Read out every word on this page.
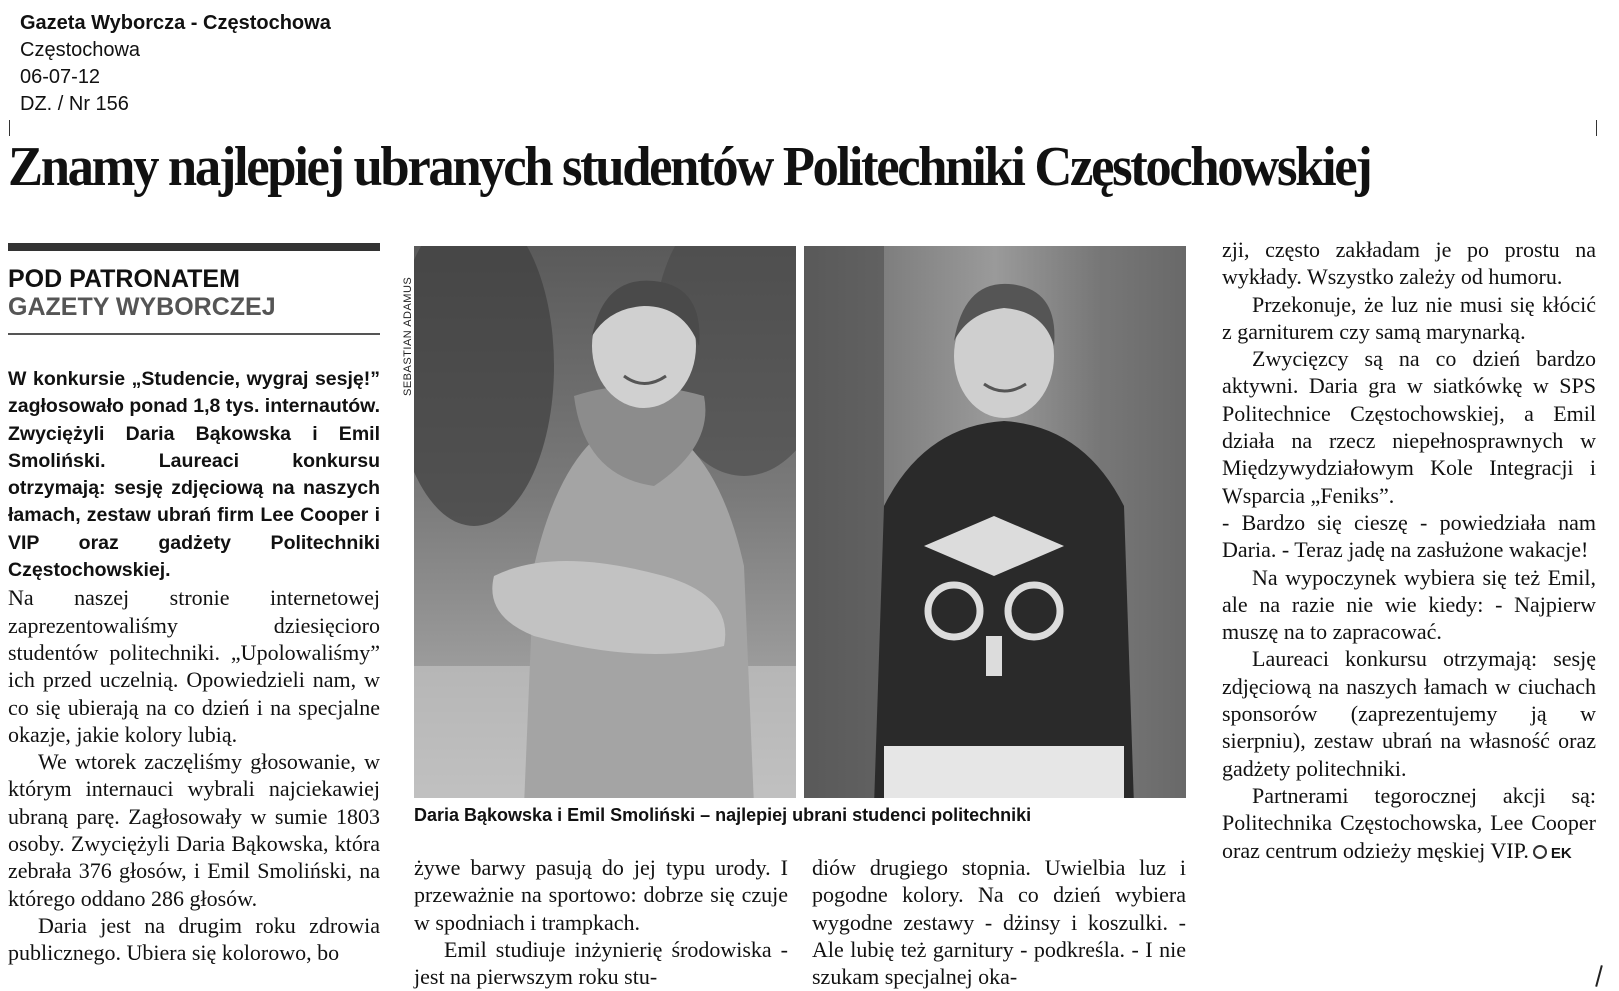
Gazeta Wyborcza - Częstochowa
Częstochowa
06-07-12
DZ. / Nr 156
Znamy najlepiej ubranych studentów Politechniki Częstochowskiej
POD PATRONATEM
GAZETY WYBORCZEJ

W konkursie „Studencie, wygraj sesję!” zagłosowało ponad 1,8 tys. internautów. Zwyciężyli Daria Bąkowska i Emil Smoliński. Laureaci konkursu otrzymają: sesję zdjęciową na naszych łamach, zestaw ubrań firm Lee Cooper i VIP oraz gadżety Politechniki Częstochowskiej.

Na naszej stronie internetowej zaprezentowaliśmy dziesięcioro studentów politechniki. „Upolowaliśmy” ich przed uczelnią. Opowiedzieli nam, w co się ubierają na co dzień i na specjalne okazje, jakie kolory lubią.

We wtorek zaczęliśmy głosowanie, w którym internauci wybrali najciekawiej ubraną parę. Zagłosowały w sumie 1803 osoby. Zwyciężyli Daria Bąkowska, która zebrała 376 głosów, i Emil Smoliński, na którego oddano 286 głosów.

Daria jest na drugim roku zdrowia publicznego. Ubiera się kolorowo, bo

SEBASTIAN ADAMUS
Daria Bąkowska i Emil Smoliński – najlepiej ubrani studenci politechniki

żywe barwy pasują do jej typu urody. I przeważnie na sportowo: dobrze się czuje w spodniach i trampkach.

Emil studiuje inżynierię środowiska - jest na pierwszym roku stu-

diów drugiego stopnia. Uwielbia luz i pogodne kolory. Na co dzień wybiera wygodne zestawy - dżinsy i koszulki. - Ale lubię też garnitury - podkreśla. - I nie szukam specjalnej oka-

zji, często zakładam je po prostu na wykłady. Wszystko zależy od humoru.

Przekonuje, że luz nie musi się kłócić z garniturem czy samą marynarką.

Zwycięzcy są na co dzień bardzo aktywni. Daria gra w siatkówkę w SPS Politechnice Częstochowskiej, a Emil działa na rzecz niepełnosprawnych w Międzywydziałowym Kole Integracji i Wsparcia „Feniks”.

- Bardzo się cieszę - powiedziała nam Daria. - Teraz jadę na zasłużone wakacje!

Na wypoczynek wybiera się też Emil, ale na razie nie wie kiedy: - Najpierw muszę na to zapracować.

Laureaci konkursu otrzymają: sesję zdjęciową na naszych łamach w ciuchach sponsorów (zaprezentujemy ją w sierpniu), zestaw ubrań na własność oraz gadżety politechniki.

Partnerami tegorocznej akcji są: Politechnika Częstochowska, Lee Cooper oraz centrum odzieży męskiej VIP. EK
